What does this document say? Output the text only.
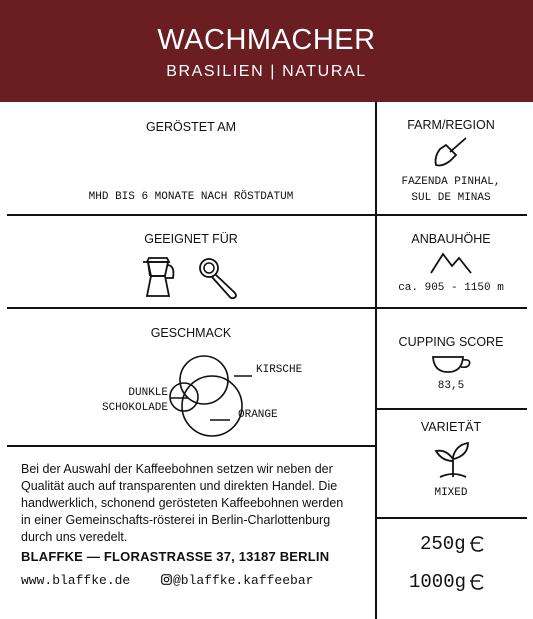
WACHMACHER
BRASILIEN | NATURAL
GERÖSTET AM
MHD BIS 6 MONATE NACH RÖSTDATUM
GEEIGNET FÜR
GESCHMACK
KIRSCHE
DUNKLE
SCHOKOLADE
ORANGE
Bei der Auswahl der Kaffeebohnen setzen wir neben der Qualität auch auf transparenten und direkten Handel. Die handwerklich, schonend gerösteten Kaffeebohnen werden in einer Gemeinschafts-rösterei in Berlin-Charlottenburg durch uns veredelt.
BLAFFKE — FLORASTRASSE 37, 13187 BERLIN
www.blaffke.de	@blaffke.kaffeebar
FARM/REGION
FAZENDA PINHAL,
SUL DE MINAS
ANBAUHÖHE
ca. 905 - 1150 m
CUPPING SCORE
83,5
VARIETÄT
MIXED
250g
1000g
